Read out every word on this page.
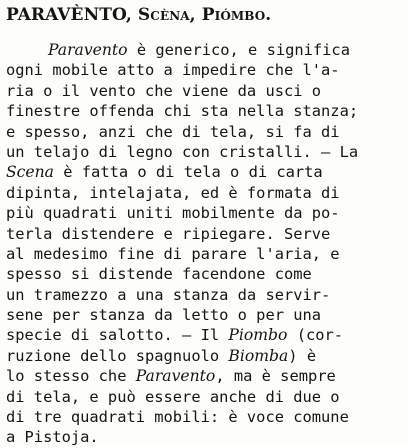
PARAVÈNTO, Scèna, Piómbo.
Paravento è generico, e significa
ogni mobile atto a impedire che l'a-
ria o il vento che viene da usci o
finestre offenda chi sta nella stanza;
e spesso, anzi che di tela, si fa di
un telajo di legno con cristalli. — La
Scena è fatta o di tela o di carta
dipinta, intelajata, ed è formata di
più quadrati uniti mobilmente da po-
terla distendere e ripiegare. Serve
al medesimo fine di parare l'aria, e
spesso si distende facendone come
un tramezzo a una stanza da servir-
sene per stanza da letto o per una
specie di salotto. — Il Piombo (cor-
ruzione dello spagnuolo Biomba) è
lo stesso che Paravento, ma è sempre
di tela, e può essere anche di due o
di tre quadrati mobili: è voce comune
a Pistoja.
